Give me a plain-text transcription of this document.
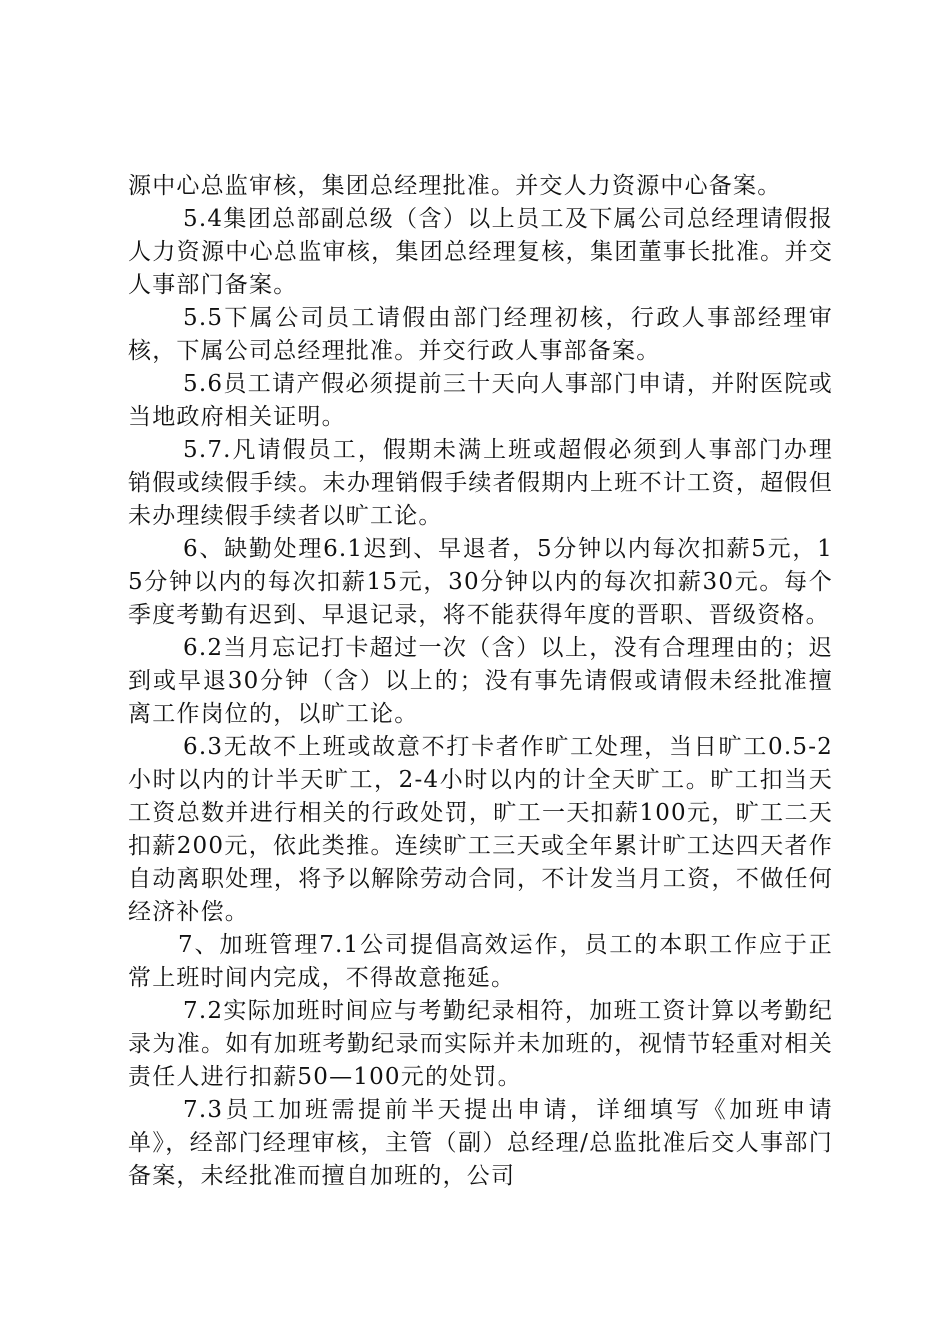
源中心总监审核，集团总经理批准。并交人力资源中心备案。

5.4集团总部副总级（含）以上员工及下属公司总经理请假报人力资源中心总监审核，集团总经理复核，集团董事长批准。并交人事部门备案。

5.5下属公司员工请假由部门经理初核，行政人事部经理审核，下属公司总经理批准。并交行政人事部备案。

5.6员工请产假必须提前三十天向人事部门申请，并附医院或当地政府相关证明。

5.7.凡请假员工，假期未满上班或超假必须到人事部门办理销假或续假手续。未办理销假手续者假期内上班不计工资，超假但未办理续假手续者以旷工论。

6、缺勤处理6.1迟到、早退者，5分钟以内每次扣薪5元，15分钟以内的每次扣薪15元，30分钟以内的每次扣薪30元。每个季度考勤有迟到、早退记录，将不能获得年度的晋职、晋级资格。

6.2当月忘记打卡超过一次（含）以上，没有合理理由的；迟到或早退30分钟（含）以上的；没有事先请假或请假未经批准擅离工作岗位的，以旷工论。

6.3无故不上班或故意不打卡者作旷工处理，当日旷工0.5-2小时以内的计半天旷工，2-4小时以内的计全天旷工。旷工扣当天工资总数并进行相关的行政处罚，旷工一天扣薪100元，旷工二天扣薪200元，依此类推。连续旷工三天或全年累计旷工达四天者作自动离职处理，将予以解除劳动合同，不计发当月工资，不做任何经济补偿。

7、加班管理7.1公司提倡高效运作，员工的本职工作应于正常上班时间内完成，不得故意拖延。

7.2实际加班时间应与考勤纪录相符，加班工资计算以考勤纪录为准。如有加班考勤纪录而实际并未加班的，视情节轻重对相关责任人进行扣薪50—100元的处罚。

7.3员工加班需提前半天提出申请，详细填写《加班申请单》，经部门经理审核，主管（副）总经理/总监批准后交人事部门备案，未经批准而擅自加班的，公司
